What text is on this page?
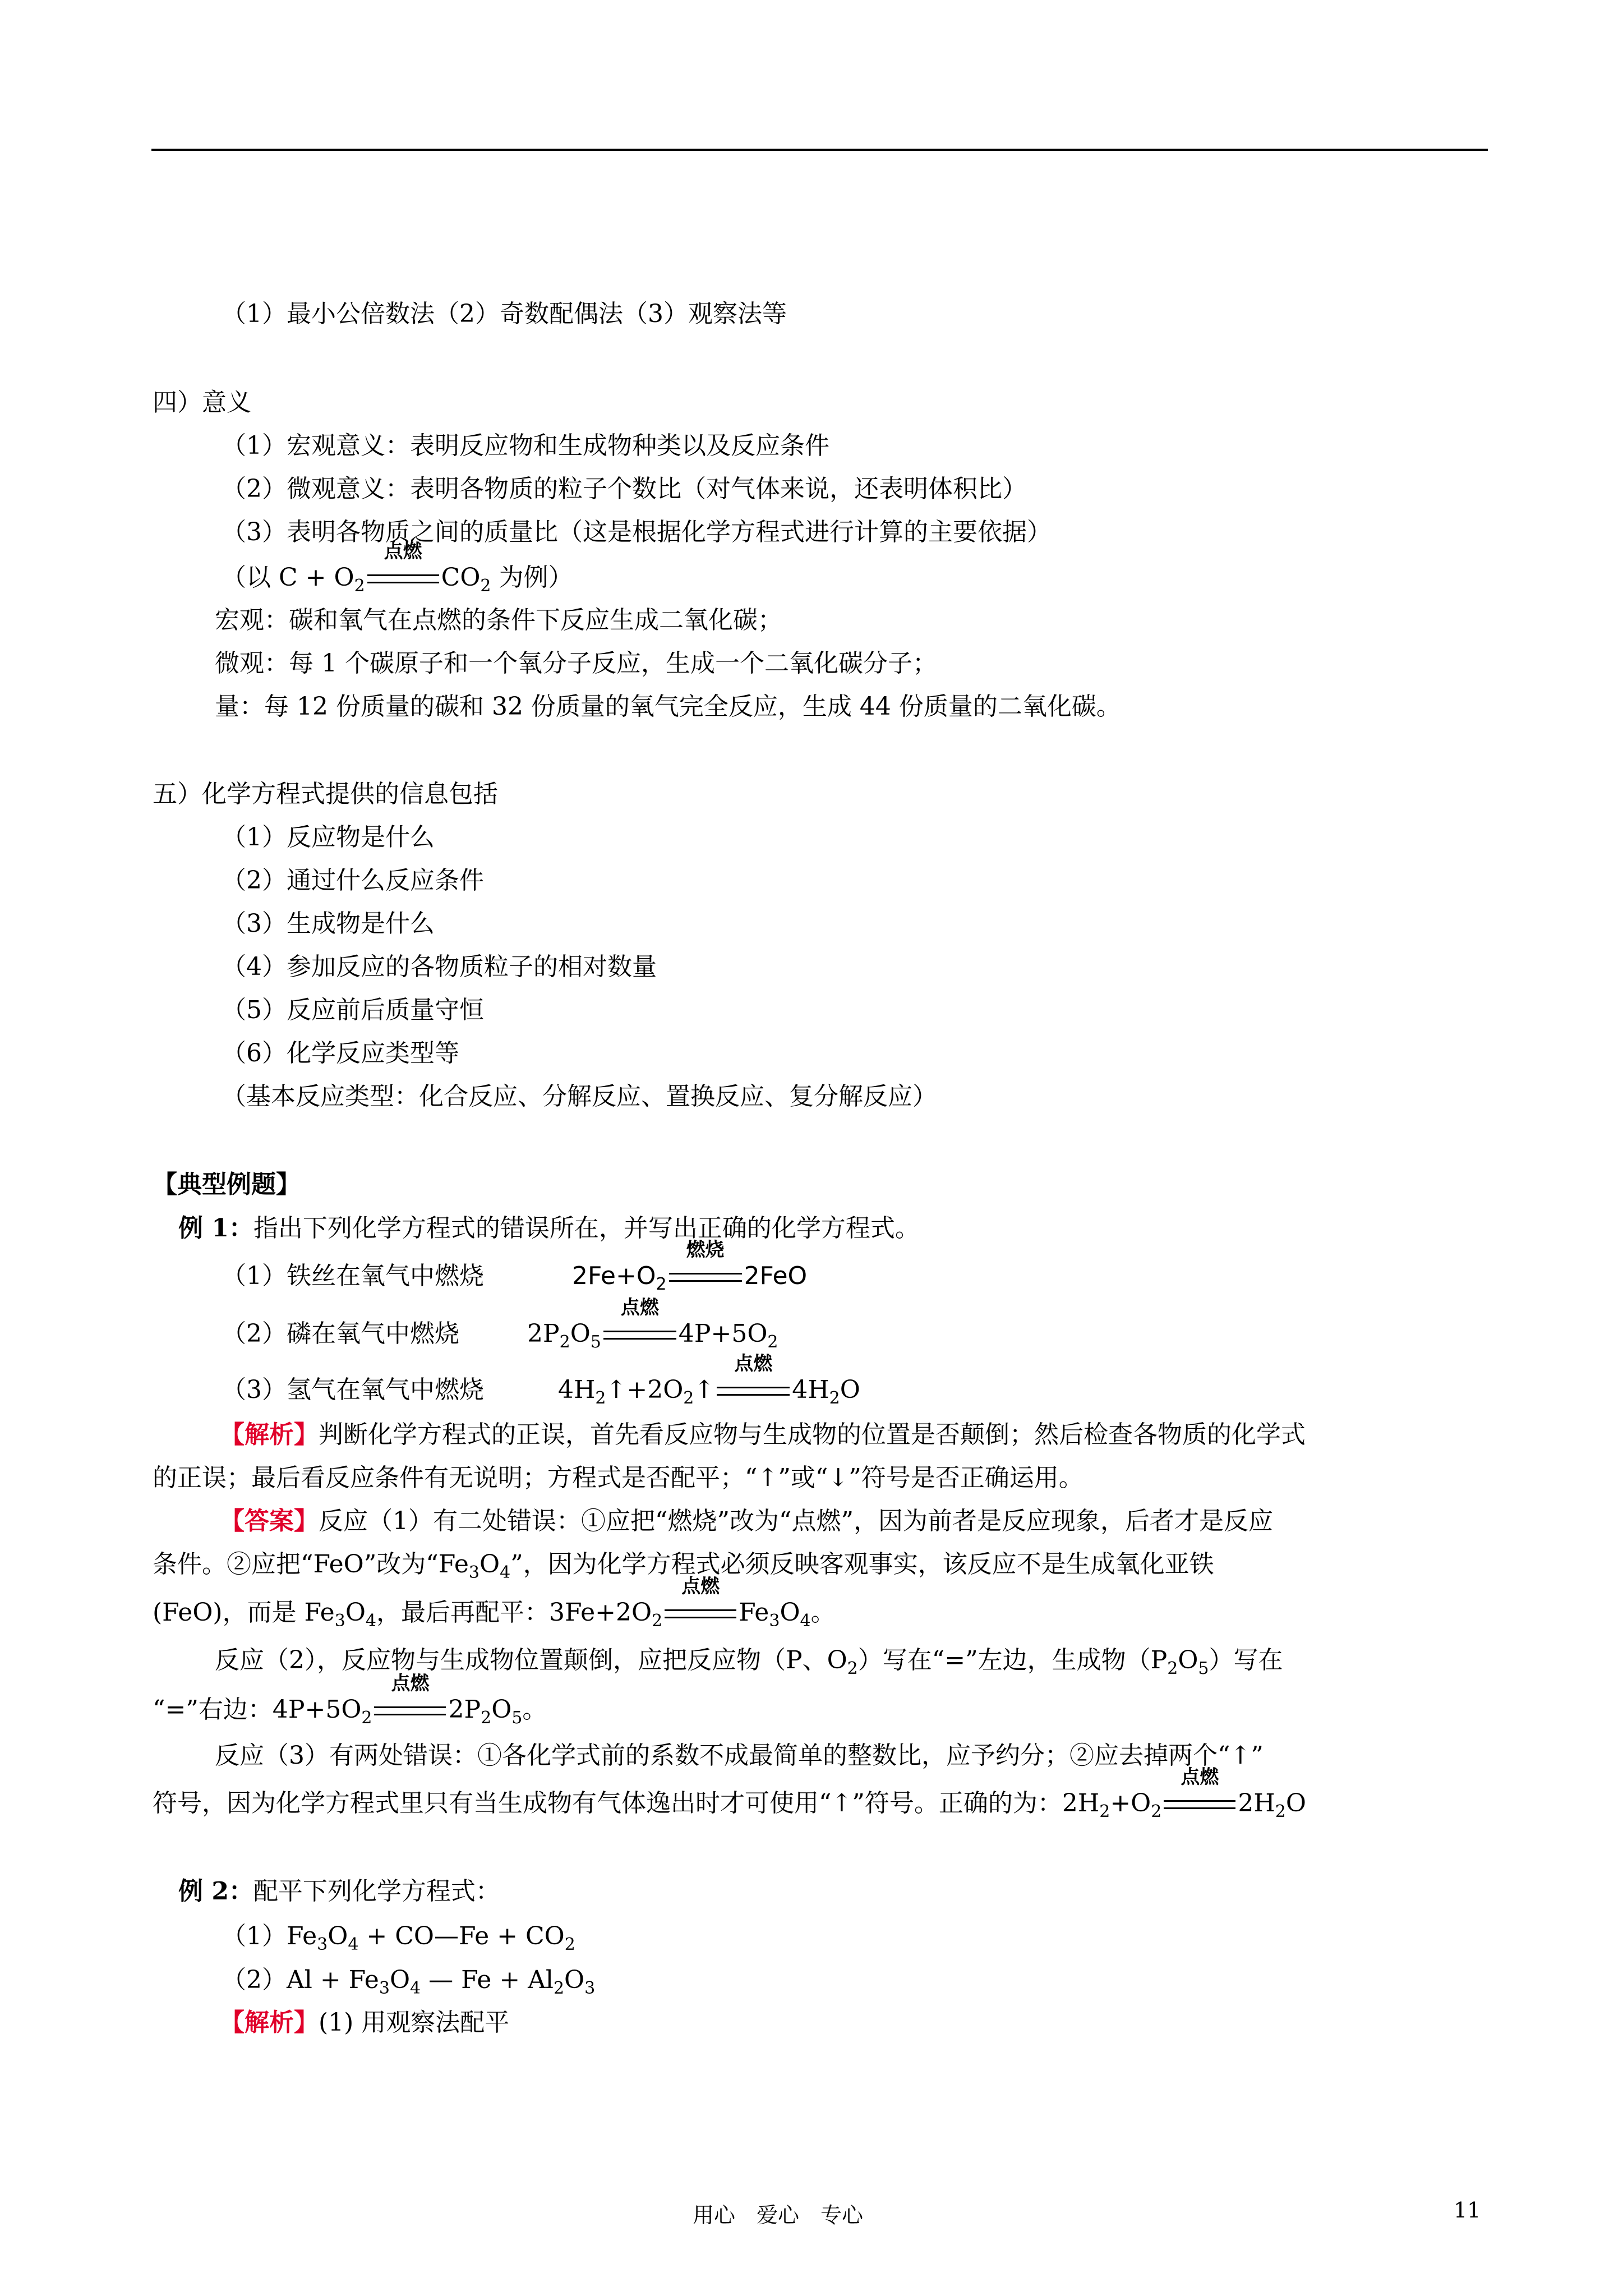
（1）最小公倍数法（2）奇数配偶法（3）观察法等
四）意义
（1）宏观意义：表明反应物和生成物种类以及反应条件
（2）微观意义：表明各物质的粒子个数比（对气体来说，还表明体积比）
（3）表明各物质之间的质量比（这是根据化学方程式进行计算的主要依据）
（以 $C + O_2$
点燃
$CO_2$ 为例）
宏观：碳和氧气在点燃的条件下反应生成二氧化碳；
微观：每 1 个碳原子和一个氧分子反应，生成一个二氧化碳分子；
量：每 12 份质量的碳和 32 份质量的氧气完全反应，生成 44 份质量的二氧化碳。
五）化学方程式提供的信息包括
（1）反应物是什么
（2）通过什么反应条件
（3）生成物是什么
（4）参加反应的各物质粒子的相对数量
（5）反应前后质量守恒
（6）化学反应类型等
（基本反应类型：化合反应、分解反应、置换反应、复分解反应）
【典型例题】
例 1：指出下列化学方程式的错误所在，并写出正确的化学方程式。
（1）铁丝在氧气中燃烧	$2Fe+O_2$
燃烧
2FeO
（2）磷在氧气中燃烧	$2P_2O_5$
点燃
$4P+5O_2$
（3）氢气在氧气中燃烧	$4H_2↑+2O_2↑$
点燃
$4H_2O$
【解析】判断化学方程式的正误，首先看反应物与生成物的位置是否颠倒；然后检查各物质的化学式
的正误；最后看反应条件有无说明；方程式是否配平；“↑”或“↓”符号是否正确运用。
【答案】反应（1）有二处错误：①应把“燃烧”改为“点燃”，因为前者是反应现象，后者才是反应
条件。②应把“FeO”改为“$Fe_3O_4$”，因为化学方程式必须反映客观事实，该反应不是生成氧化亚铁
(FeO)，而是 $Fe_3O_4$，最后再配平：$3Fe+2O_2$
点燃
$Fe_3O_4$。
反应（2），反应物与生成物位置颠倒，应把反应物（P、$O_2$）写在“=”左边，生成物$(P_2O_5)$写在
“=”右边：$4P+5O_2$
点燃
$2P_2O_5$。
反应（3）有两处错误：①各化学式前的系数不成最简单的整数比，应予约分；②应去掉两个“↑”
符号，因为化学方程式里只有当生成物有气体逸出时才可使用“↑”符号。正确的为：$2H_2+O_2$
点燃
$2H_2O$
例 2：配平下列化学方程式：
$(1)Fe_3O_4$ + CO—Fe + $CO_2$
$(2)Al + Fe_3O_4$ — $Fe + Al_2O_3$
【解析】(1) 用观察法配平
用心　爱心　专心	11
